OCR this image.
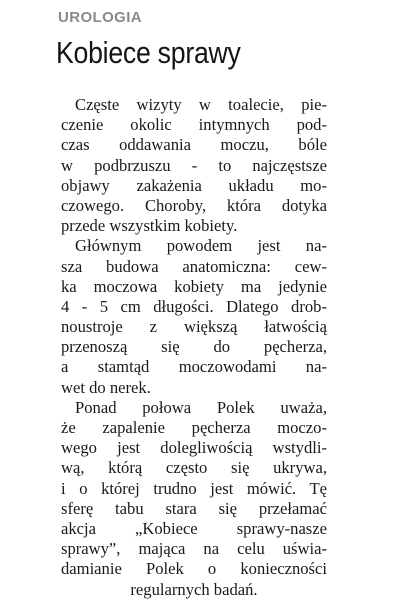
UROLOGIA
Kobiece sprawy
Częste wizyty w toalecie, pie-
czenie okolic intymnych pod-
czas oddawania moczu, bóle
w podbrzuszu - to najczęstsze
objawy zakażenia układu mo-
czowego. Choroby, która dotyka
przede wszystkim kobiety.
Głównym powodem jest na-
sza budowa anatomiczna: cew-
ka moczowa kobiety ma jedynie
4 - 5 cm długości. Dlatego drob-
noustroje z większą łatwością
przenoszą się do pęcherza,
a stamtąd moczowodami na-
wet do nerek.
Ponad połowa Polek uważa,
że zapalenie pęcherza moczo-
wego jest dolegliwością wstydli-
wą, którą często się ukrywa,
i o której trudno jest mówić. Tę
sferę tabu stara się przełamać
akcja „Kobiece sprawy-nasze
sprawy”, mająca na celu uświa-
damianie Polek o konieczności
regularnych badań.
